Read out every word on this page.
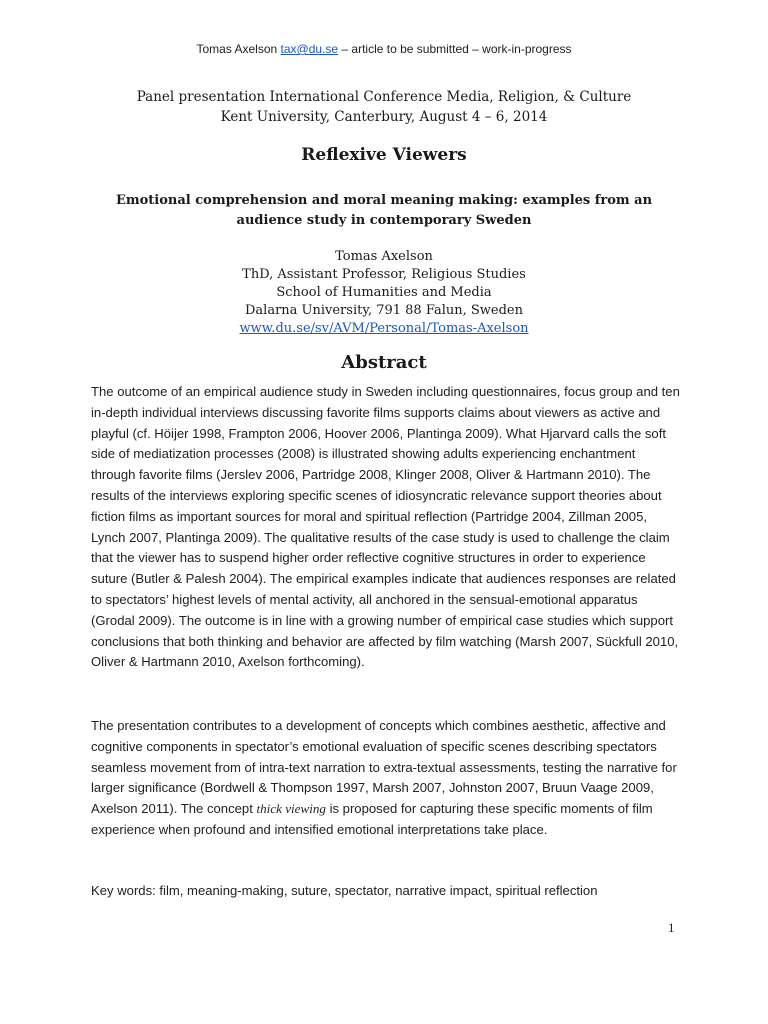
Tomas Axelson tax@du.se – article to be submitted – work-in-progress
Panel presentation International Conference Media, Religion, & Culture
Kent University, Canterbury, August 4 – 6, 2014
Reflexive Viewers
Emotional comprehension and moral meaning making: examples from an
audience study in contemporary Sweden
Tomas Axelson
ThD, Assistant Professor, Religious Studies
School of Humanities and Media
Dalarna University, 791 88 Falun, Sweden
www.du.se/sv/AVM/Personal/Tomas-Axelson
Abstract

The outcome of an empirical audience study in Sweden including questionnaires, focus group and ten in-depth individual interviews discussing favorite films supports claims about viewers as active and playful (cf. Höijer 1998, Frampton 2006, Hoover 2006, Plantinga 2009). What Hjarvard calls the soft side of mediatization processes (2008) is illustrated showing adults experiencing enchantment through favorite films (Jerslev 2006, Partridge 2008, Klinger 2008, Oliver & Hartmann 2010). The results of the interviews exploring specific scenes of idiosyncratic relevance support theories about fiction films as important sources for moral and spiritual reflection (Partridge 2004, Zillman 2005, Lynch 2007, Plantinga 2009). The qualitative results of the case study is used to challenge the claim that the viewer has to suspend higher order reflective cognitive structures in order to experience suture (Butler & Palesh 2004). The empirical examples indicate that audiences responses are related to spectators’ highest levels of mental activity, all anchored in the sensual-emotional apparatus (Grodal 2009). The outcome is in line with a growing number of empirical case studies which support conclusions that both thinking and behavior are affected by film watching (Marsh 2007, Sückfull 2010, Oliver & Hartmann 2010, Axelson forthcoming).

The presentation contributes to a development of concepts which combines aesthetic, affective and cognitive components in spectator’s emotional evaluation of specific scenes describing spectators seamless movement from of intra-text narration to extra-textual assessments, testing the narrative for larger significance (Bordwell & Thompson 1997, Marsh 2007, Johnston 2007, Bruun Vaage 2009, Axelson 2011). The concept thick viewing is proposed for capturing these specific moments of film experience when profound and intensified emotional interpretations take place.

Key words: film, meaning-making, suture, spectator, narrative impact, spiritual reflection

1
